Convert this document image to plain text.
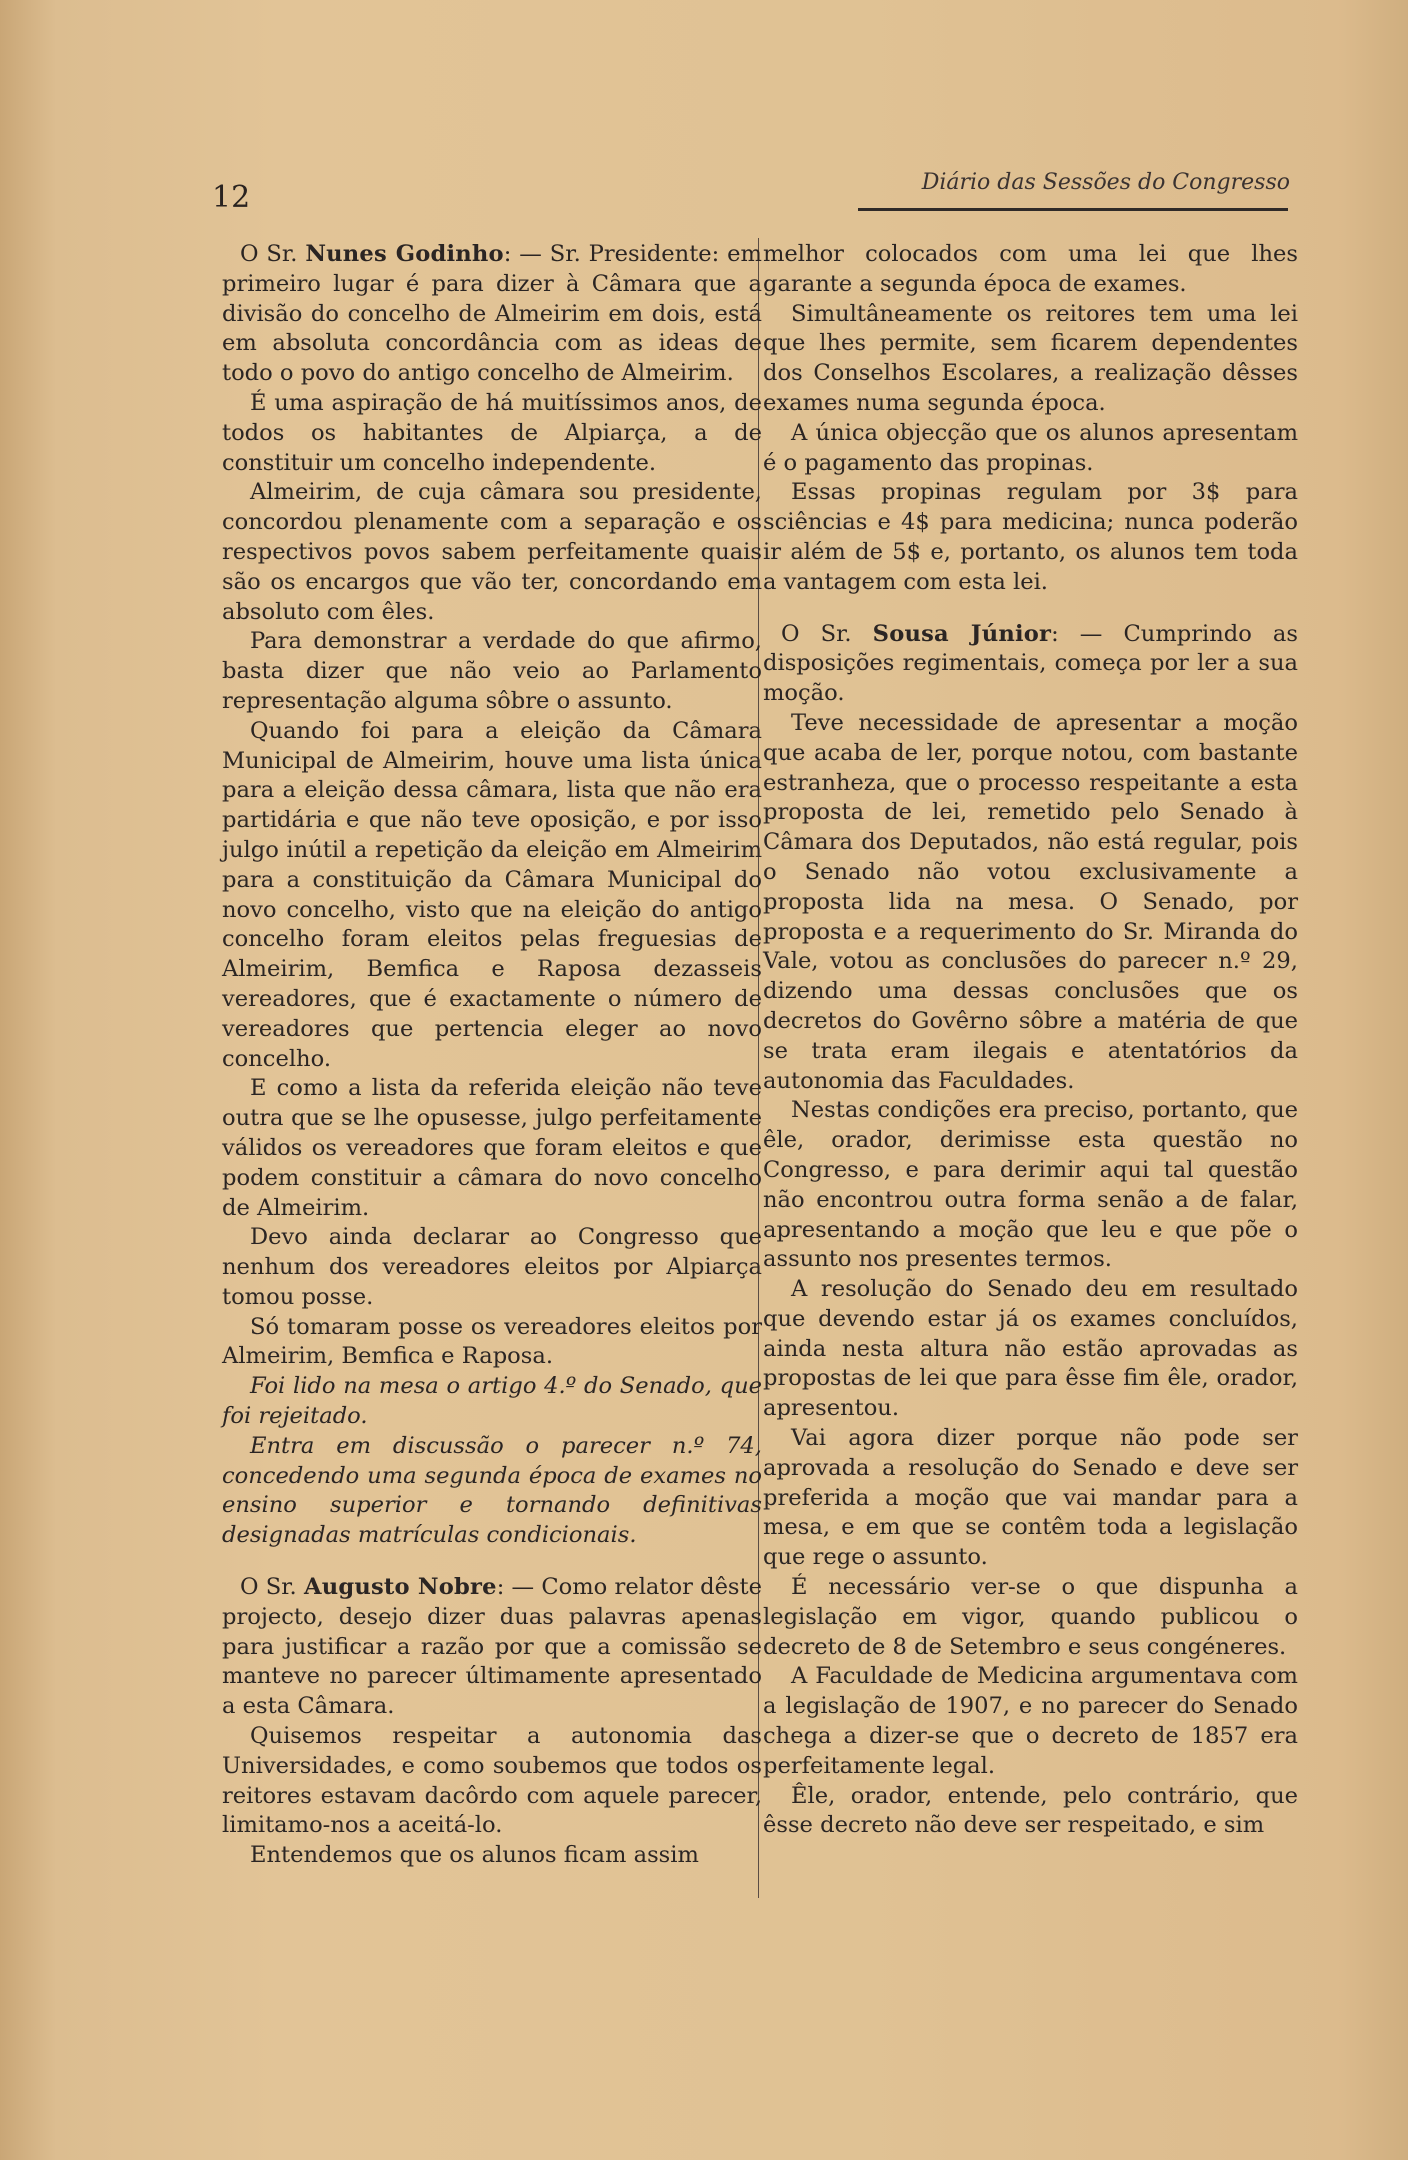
12	Diário das Sessões do Congresso

O Sr. Nunes Godinho: — Sr. Presidente: em primeiro lugar é para dizer à Câmara que a divisão do concelho de Almeirim em dois, está em absoluta concordância com as ideas de todo o povo do antigo concelho de Almeirim.

É uma aspiração de há muitíssimos anos, de todos os habitantes de Alpiarça, a de constituir um concelho independente.

Almeirim, de cuja câmara sou presidente, concordou plenamente com a separação e os respectivos povos sabem perfeitamente quais são os encargos que vão ter, concordando em absoluto com êles.

Para demonstrar a verdade do que afirmo, basta dizer que não veio ao Parlamento representação alguma sôbre o assunto.

Quando foi para a eleição da Câmara Municipal de Almeirim, houve uma lista única para a eleição dessa câmara, lista que não era partidária e que não teve oposição, e por isso julgo inútil a repetição da eleição em Almeirim para a constituição da Câmara Municipal do novo concelho, visto que na eleição do antigo concelho foram eleitos pelas freguesias de Almeirim, Bemfica e Raposa dezasseis vereadores, que é exactamente o número de vereadores que pertencia eleger ao novo concelho.

E como a lista da referida eleição não teve outra que se lhe opusesse, julgo perfeitamente válidos os vereadores que foram eleitos e que podem constituir a câmara do novo concelho de Almeirim.

Devo ainda declarar ao Congresso que nenhum dos vereadores eleitos por Alpiarça tomou posse.

Só tomaram posse os vereadores eleitos por Almeirim, Bemfica e Raposa.

Foi lido na mesa o artigo 4.º do Senado, que foi rejeitado.

Entra em discussão o parecer n.º 74, concedendo uma segunda época de exames no ensino superior e tornando definitivas designadas matrículas condicionais.

O Sr. Augusto Nobre: — Como relator dêste projecto, desejo dizer duas palavras apenas para justificar a razão por que a comissão se manteve no parecer últimamente apresentado a esta Câmara.

Quisemos respeitar a autonomia das Universidades, e como soubemos que todos os reitores estavam dacôrdo com aquele parecer, limitamo-nos a aceitá-lo.

Entendemos que os alunos ficam assim

melhor colocados com uma lei que lhes garante a segunda época de exames.

Simultâneamente os reitores tem uma lei que lhes permite, sem ficarem dependentes dos Conselhos Escolares, a realização dêsses exames numa segunda época.

A única objecção que os alunos apresentam é o pagamento das propinas.

Essas propinas regulam por 3$ para sciências e 4$ para medicina; nunca poderão ir além de 5$ e, portanto, os alunos tem toda a vantagem com esta lei.

O Sr. Sousa Júnior: — Cumprindo as disposições regimentais, começa por ler a sua moção.

Teve necessidade de apresentar a moção que acaba de ler, porque notou, com bastante estranheza, que o processo respeitante a esta proposta de lei, remetido pelo Senado à Câmara dos Deputados, não está regular, pois o Senado não votou exclusivamente a proposta lida na mesa. O Senado, por proposta e a requerimento do Sr. Miranda do Vale, votou as conclusões do parecer n.º 29, dizendo uma dessas conclusões que os decretos do Govêrno sôbre a matéria de que se trata eram ilegais e atentatórios da autonomia das Faculdades.

Nestas condições era preciso, portanto, que êle, orador, derimisse esta questão no Congresso, e para derimir aqui tal questão não encontrou outra forma senão a de falar, apresentando a moção que leu e que põe o assunto nos presentes termos.

A resolução do Senado deu em resultado que devendo estar já os exames concluídos, ainda nesta altura não estão aprovadas as propostas de lei que para êsse fim êle, orador, apresentou.

Vai agora dizer porque não pode ser aprovada a resolução do Senado e deve ser preferida a moção que vai mandar para a mesa, e em que se contêm toda a legislação que rege o assunto.

É necessário ver-se o que dispunha a legislação em vigor, quando publicou o decreto de 8 de Setembro e seus congéneres.

A Faculdade de Medicina argumentava com a legislação de 1907, e no parecer do Senado chega a dizer-se que o decreto de 1857 era perfeitamente legal.

Êle, orador, entende, pelo contrário, que êsse decreto não deve ser respeitado, e sim
